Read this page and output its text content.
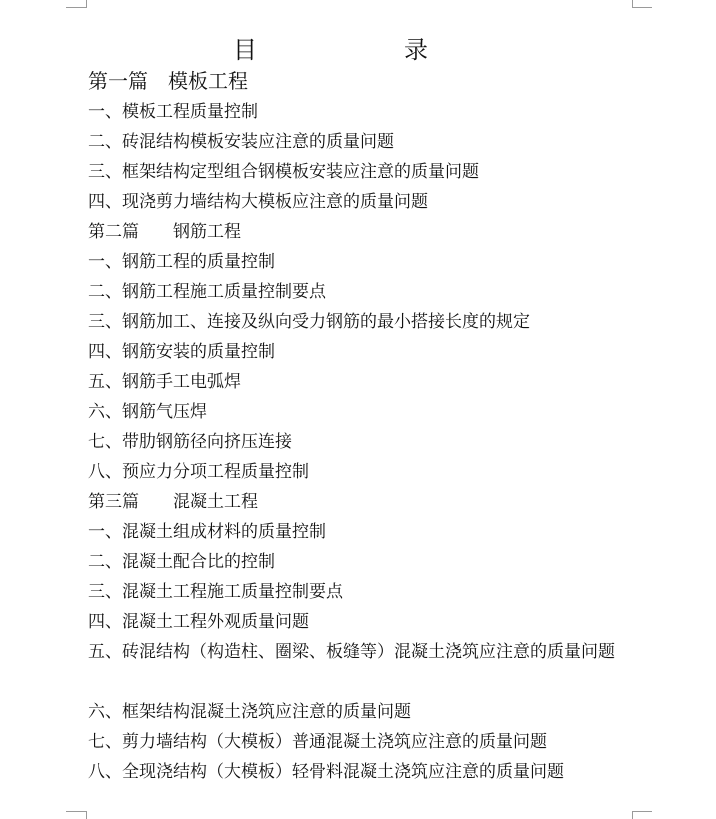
目	录
第一篇　模板工程
一、模板工程质量控制
二、砖混结构模板安装应注意的质量问题
三、框架结构定型组合钢模板安装应注意的质量问题
四、现浇剪力墙结构大模板应注意的质量问题
第二篇　　钢筋工程
一、钢筋工程的质量控制
二、钢筋工程施工质量控制要点
三、钢筋加工、连接及纵向受力钢筋的最小搭接长度的规定
四、钢筋安装的质量控制
五、钢筋手工电弧焊
六、钢筋气压焊
七、带肋钢筋径向挤压连接
八、预应力分项工程质量控制
第三篇　　混凝土工程
一、混凝土组成材料的质量控制
二、混凝土配合比的控制
三、混凝土工程施工质量控制要点
四、混凝土工程外观质量问题
五、砖混结构（构造柱、圈梁、板缝等）混凝土浇筑应注意的质量问题
六、框架结构混凝土浇筑应注意的质量问题
七、剪力墙结构（大模板）普通混凝土浇筑应注意的质量问题
八、全现浇结构（大模板）轻骨料混凝土浇筑应注意的质量问题
